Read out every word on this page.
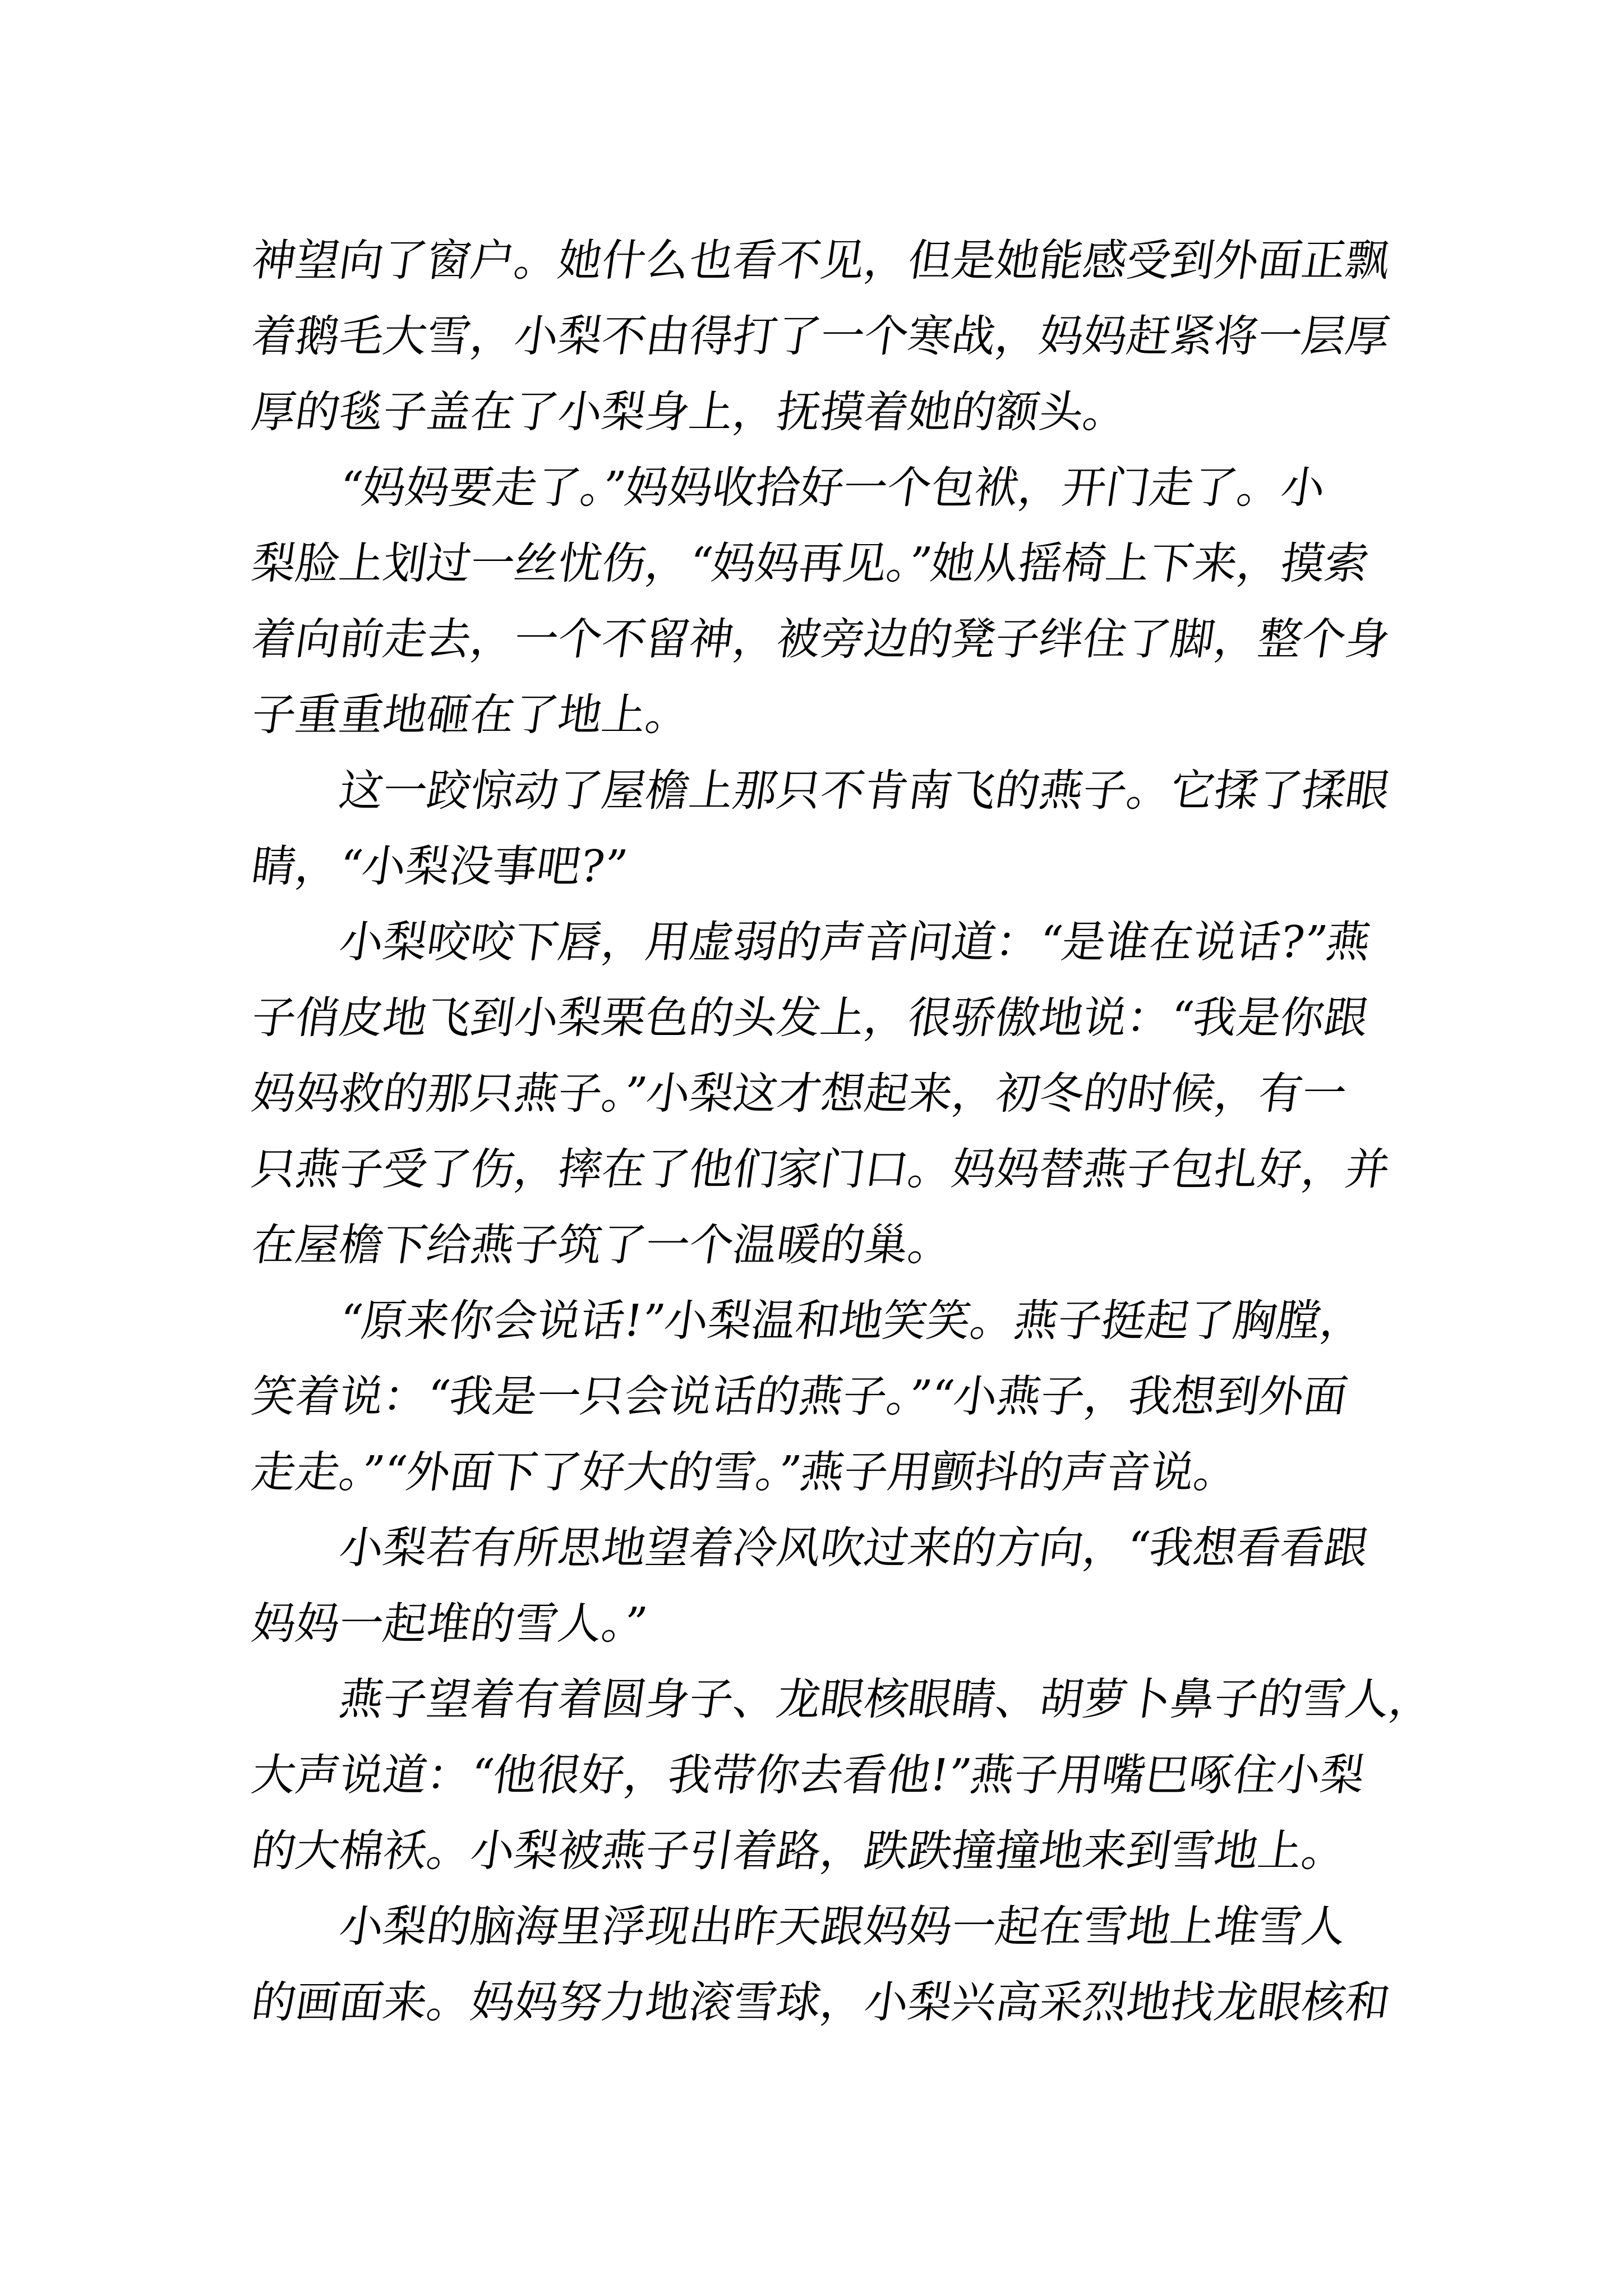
神望向了窗户。她什么也看不见，但是她能感受到外面正飘
着鹅毛大雪，小梨不由得打了一个寒战，妈妈赶紧将一层厚
厚的毯子盖在了小梨身上，抚摸着她的额头。
“妈妈要走了。”妈妈收拾好一个包袱，开门走了。小
梨脸上划过一丝忧伤，“妈妈再见。”她从摇椅上下来，摸索
着向前走去，一个不留神，被旁边的凳子绊住了脚，整个身
子重重地砸在了地上。
这一跤惊动了屋檐上那只不肯南飞的燕子。它揉了揉眼
睛，“小梨没事吧?”
小梨咬咬下唇，用虚弱的声音问道：“是谁在说话?”燕
子俏皮地飞到小梨栗色的头发上，很骄傲地说：“我是你跟
妈妈救的那只燕子。”小梨这才想起来，初冬的时候，有一
只燕子受了伤，摔在了他们家门口。妈妈替燕子包扎好，并
在屋檐下给燕子筑了一个温暖的巢。
“原来你会说话!”小梨温和地笑笑。燕子挺起了胸膛，
笑着说：“我是一只会说话的燕子。”“小燕子，我想到外面
走走。”“外面下了好大的雪。”燕子用颤抖的声音说。
小梨若有所思地望着冷风吹过来的方向，“我想看看跟
妈妈一起堆的雪人。”
燕子望着有着圆身子、龙眼核眼睛、胡萝卜鼻子的雪人，
大声说道：“他很好，我带你去看他!”燕子用嘴巴啄住小梨
的大棉袄。小梨被燕子引着路，跌跌撞撞地来到雪地上。
小梨的脑海里浮现出昨天跟妈妈一起在雪地上堆雪人
的画面来。妈妈努力地滚雪球，小梨兴高采烈地找龙眼核和
